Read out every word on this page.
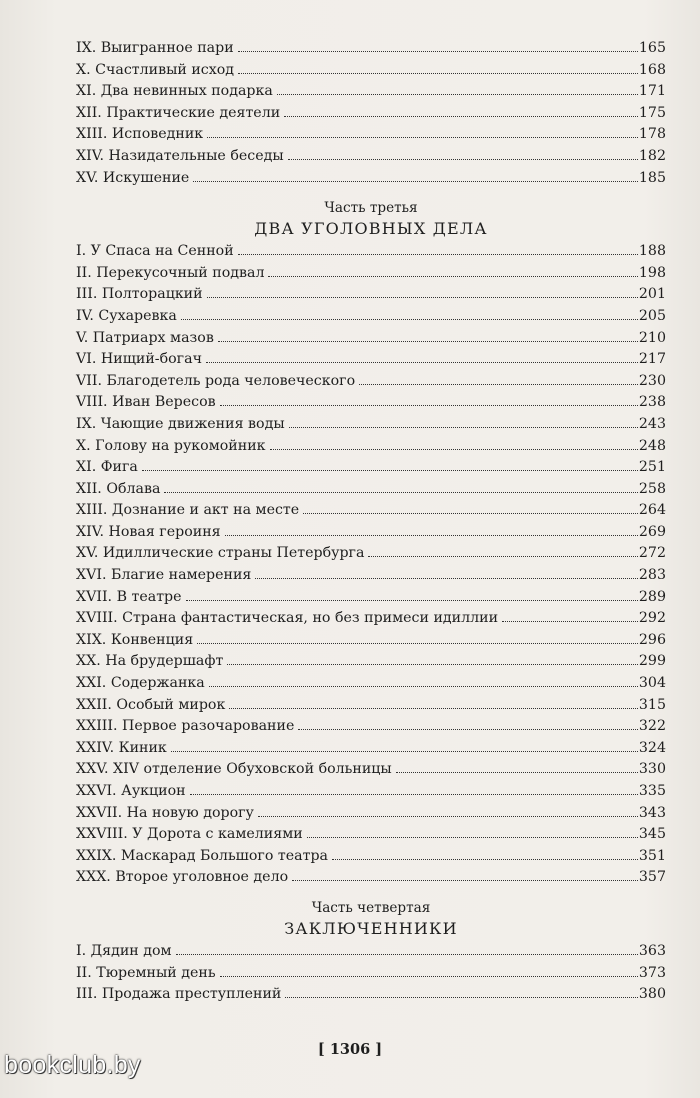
IX. Выигранное пари	165
X. Счастливый исход	168
XI. Два невинных подарка	171
XII. Практические деятели	175
XIII. Исповедник	178
XIV. Назидательные беседы	182
XV. Искушение	185
Часть третья
ДВА УГОЛОВНЫХ ДЕЛА
I. У Спаса на Сенной	188
II. Перекусочный подвал	198
III. Полторацкий	201
IV. Сухаревка	205
V. Патриарх мазов	210
VI. Нищий-богач	217
VII. Благодетель рода человеческого	230
VIII. Иван Вересов	238
IX. Чающие движения воды	243
X. Голову на рукомойник	248
XI. Фига	251
XII. Облава	258
XIII. Дознание и акт на месте	264
XIV. Новая героиня	269
XV. Идиллические страны Петербурга	272
XVI. Благие намерения	283
XVII. В театре	289
XVIII. Страна фантастическая, но без примеси идиллии	292
XIX. Конвенция	296
XX. На брудершафт	299
XXI. Содержанка	304
XXII. Особый мирок	315
XXIII. Первое разочарование	322
XXIV. Киник	324
XXV. XIV отделение Обуховской больницы	330
XXVI. Аукцион	335
XXVII. На новую дорогу	343
XXVIII. У Дорота с камелиями	345
XXIX. Маскарад Большого театра	351
XXX. Второе уголовное дело	357
Часть четвертая
ЗАКЛЮЧЕННИКИ
I. Дядин дом	363
II. Тюремный день	373
III. Продажа преступлений	380
[ 1306 ]
bookclub.by
